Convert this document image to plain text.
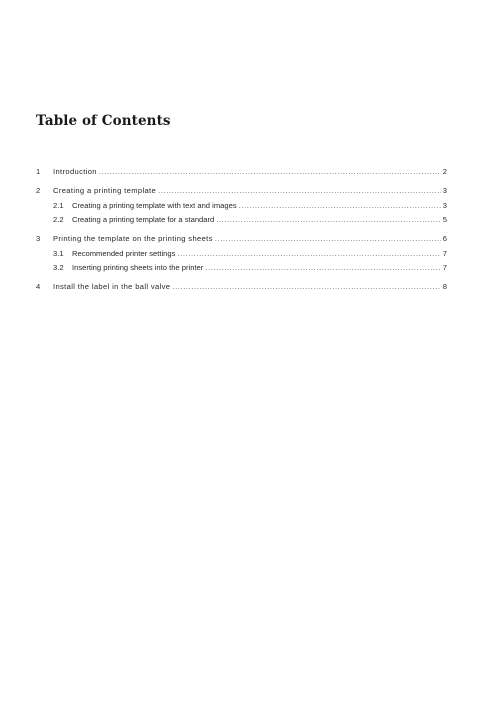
Table of Contents
1	Introduction .....	2
2	Creating a printing template .....	3
2.1	Creating a printing template with text and images .....	3
2.2	Creating a printing template for a standard .....	5
3	Printing the template on the printing sheets .....	6
3.1	Recommended printer settings .....	7
3.2	Inserting printing sheets into the printer .....	7
4	Install the label in the ball valve .....	8
